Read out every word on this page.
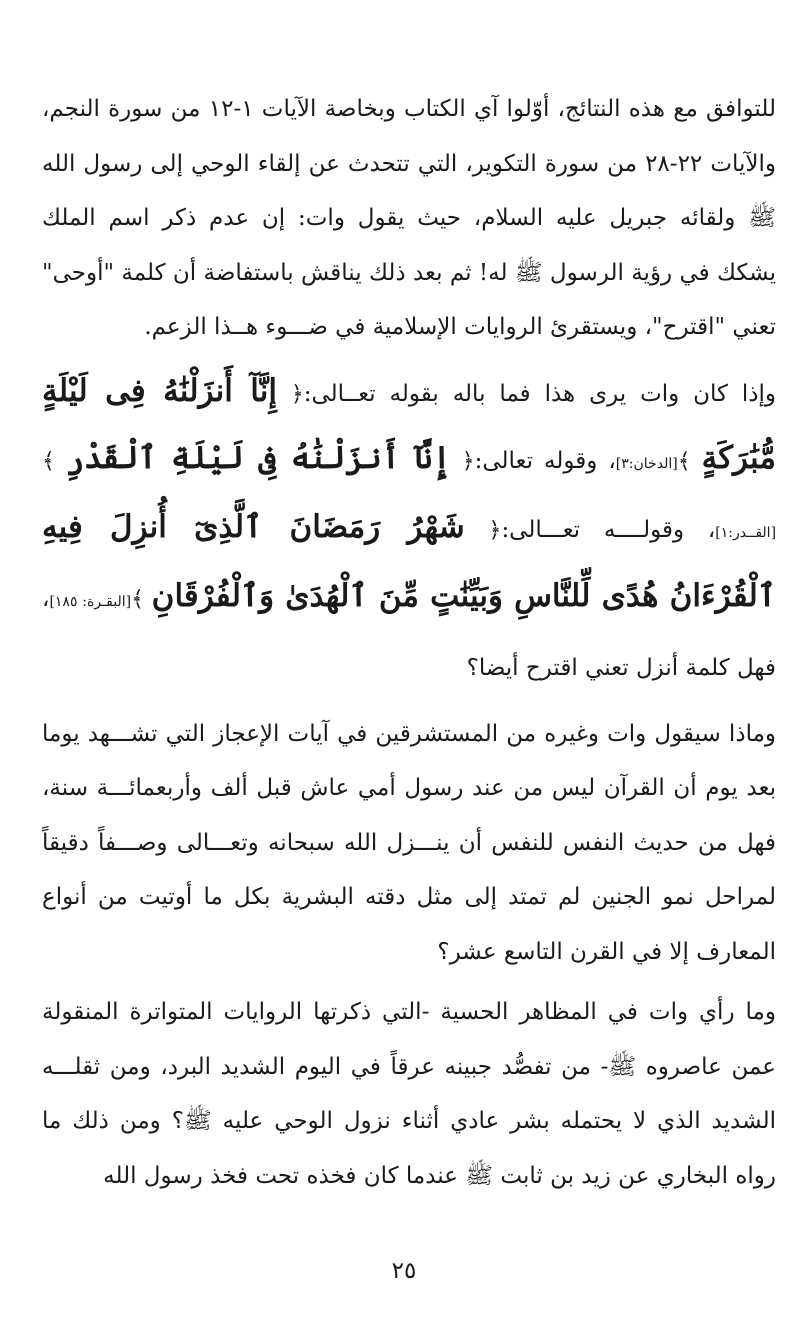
للتوافق مع هذه النتائج، أوّلوا آي الكتاب وبخاصة الآيات ١-١٢ من سورة النجم، والآيات ٢٢-٢٨ من سورة التكوير، التي تتحدث عن إلقاء الوحي إلى رسول الله ﷺ ولقائه جبريل عليه السلام، حيث يقول وات: إن عدم ذكر اسم الملك يشكك في رؤية الرسول ﷺ له! ثم بعد ذلك يناقش باستفاضة أن كلمة "أوحى" تعني "اقترح"، ويستقرئ الروايات الإسلامية في ضـــوء هــذا الزعم.

وإذا كان وات يرى هذا فما باله بقوله تعــالى:﴿ إِنَّآ أَنزَلْنَٰهُ فِى لَيْلَةٍ مُّبَٰرَكَةٍ ﴾[الدخان:٣]، وقوله تعالى:﴿ إِنَّآ أَنزَلْنَٰهُ فِى لَيْلَةِ ٱلْقَدْرِ ﴾[القــدر:١]، وقولــــه تعـــالى:﴿ شَهْرُ رَمَضَانَ ٱلَّذِىٓ أُنزِلَ فِيهِ ٱلْقُرْءَانُ هُدًى لِّلنَّاسِ وَبَيِّنَٰتٍ مِّنَ ٱلْهُدَىٰ وَٱلْفُرْقَانِ ﴾[البقـرة: ١٨٥]، فهل كلمة أنزل تعني اقترح أيضا؟

وماذا سيقول وات وغيره من المستشرقين في آيات الإعجاز التي تشـــهد يوما بعد يوم أن القرآن ليس من عند رسول أمي عاش قبل ألف وأربعمائـــة سنة، فهل من حديث النفس للنفس أن ينـــزل الله سبحانه وتعـــالى وصـــفاً دقيقاً لمراحل نمو الجنين لم تمتد إلى مثل دقته البشرية بكل ما أوتيت من أنواع المعارف إلا في القرن التاسع عشر؟

وما رأي وات في المظاهر الحسية -التي ذكرتها الروايات المتواترة المنقولة عمن عاصروه ﷺ- من تفصُّد جبينه عرقاً في اليوم الشديد البرد، ومن ثقلـــه الشديد الذي لا يحتمله بشر عادي أثناء نزول الوحي عليه ﷺ؟ ومن ذلك ما رواه البخاري عن زيد بن ثابت ﷺ عندما كان فخذه تحت فخذ رسول الله

٢٥
